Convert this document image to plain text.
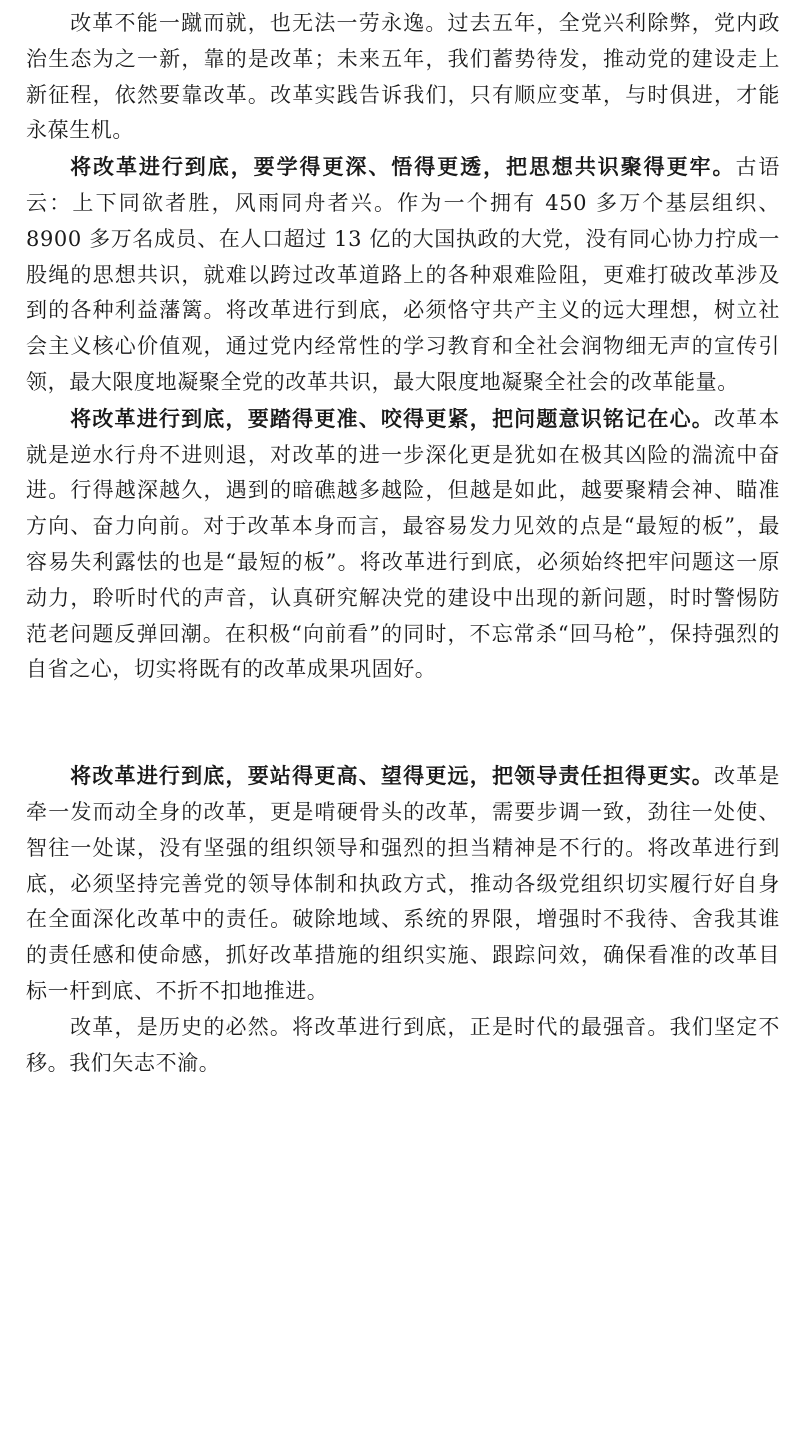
改革不能一蹴而就，也无法一劳永逸。过去五年，全党兴利除弊，党内政治生态为之一新，靠的是改革；未来五年，我们蓄势待发，推动党的建设走上新征程，依然要靠改革。改革实践告诉我们，只有顺应变革，与时俱进，才能永葆生机。

将改革进行到底，要学得更深、悟得更透，把思想共识聚得更牢。古语云：上下同欲者胜，风雨同舟者兴。作为一个拥有 450 多万个基层组织、8900 多万名成员、在人口超过 13 亿的大国执政的大党，没有同心协力拧成一股绳的思想共识，就难以跨过改革道路上的各种艰难险阻，更难打破改革涉及到的各种利益藩篱。将改革进行到底，必须恪守共产主义的远大理想，树立社会主义核心价值观，通过党内经常性的学习教育和全社会润物细无声的宣传引领，最大限度地凝聚全党的改革共识，最大限度地凝聚全社会的改革能量。

将改革进行到底，要踏得更准、咬得更紧，把问题意识铭记在心。改革本就是逆水行舟不进则退，对改革的进一步深化更是犹如在极其凶险的湍流中奋进。行得越深越久，遇到的暗礁越多越险，但越是如此，越要聚精会神、瞄准方向、奋力向前。对于改革本身而言，最容易发力见效的点是“最短的板”，最容易失利露怯的也是“最短的板”。将改革进行到底，必须始终把牢问题这一原动力，聆听时代的声音，认真研究解决党的建设中出现的新问题，时时警惕防范老问题反弹回潮。在积极“向前看”的同时，不忘常杀“回马枪”，保持强烈的自省之心，切实将既有的改革成果巩固好。

将改革进行到底，要站得更高、望得更远，把领导责任担得更实。改革是牵一发而动全身的改革，更是啃硬骨头的改革，需要步调一致，劲往一处使、智往一处谋，没有坚强的组织领导和强烈的担当精神是不行的。将改革进行到底，必须坚持完善党的领导体制和执政方式，推动各级党组织切实履行好自身在全面深化改革中的责任。破除地域、系统的界限，增强时不我待、舍我其谁的责任感和使命感，抓好改革措施的组织实施、跟踪问效，确保看准的改革目标一杆到底、不折不扣地推进。

改革，是历史的必然。将改革进行到底，正是时代的最强音。我们坚定不移。我们矢志不渝。
